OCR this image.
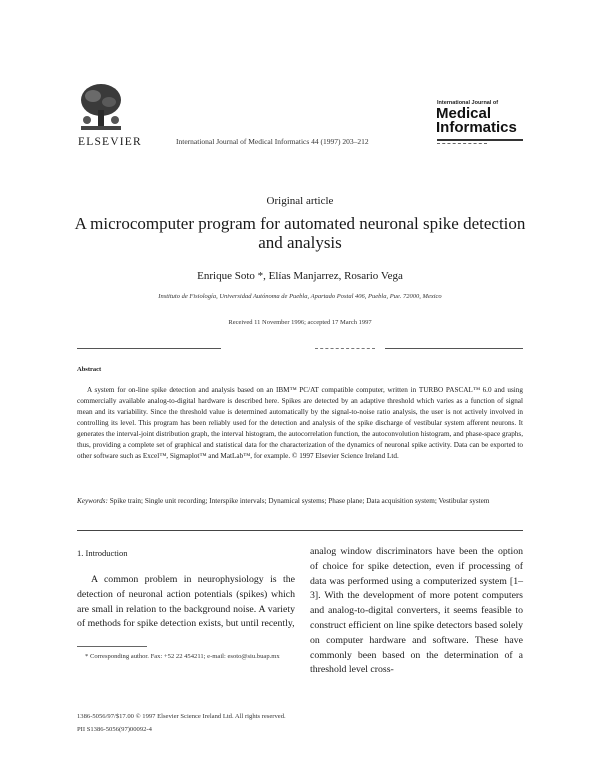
ELSEVIER	International Journal of Medical Informatics 44 (1997) 203–212
International Journal of
Medical
Informatics
Original article
A microcomputer program for automated neuronal spike detection and analysis
Enrique Soto *, Elías Manjarrez, Rosario Vega
Instituto de Fisiología, Universidad Autónoma de Puebla, Apartado Postal 406, Puebla, Pue. 72000, Mexico
Received 11 November 1996; accepted 17 March 1997
Abstract
A system for on-line spike detection and analysis based on an IBM™ PC/AT compatible computer, written in TURBO PASCAL™ 6.0 and using commercially available analog-to-digital hardware is described here. Spikes are detected by an adaptive threshold which varies as a function of signal mean and its variability. Since the threshold value is determined automatically by the signal-to-noise ratio analysis, the user is not actively involved in controlling its level. This program has been reliably used for the detection and analysis of the spike discharge of vestibular system afferent neurons. It generates the interval-joint distribution graph, the interval histogram, the autocorrelation function, the autoconvolution histogram, and phase-space graphs, thus, providing a complete set of graphical and statistical data for the characterization of the dynamics of neuronal spike activity. Data can be exported to other software such as Excel™, Sigmaplot™ and MatLab™, for example. © 1997 Elsevier Science Ireland Ltd.
Keywords: Spike train; Single unit recording; Interspike intervals; Dynamical systems; Phase plane; Data acquisition system; Vestibular system
1. Introduction
A common problem in neurophysiology is the detection of neuronal action potentials (spikes) which are small in relation to the background noise. A variety of methods for spike detection exists, but until recently,
analog window discriminators have been the option of choice for spike detection, even if processing of data was performed using a computerized system [1–3]. With the development of more potent computers and analog-to-digital converters, it seems feasible to construct efficient on line spike detectors based solely on computer hardware and software. These have commonly been based on the determination of a threshold level cross-
* Corresponding author. Fax: +52 22 454211; e-mail: esoto@siu.buap.mx
1386-5056/97/$17.00 © 1997 Elsevier Science Ireland Ltd. All rights reserved.
PII S1386-5056(97)00092-4
